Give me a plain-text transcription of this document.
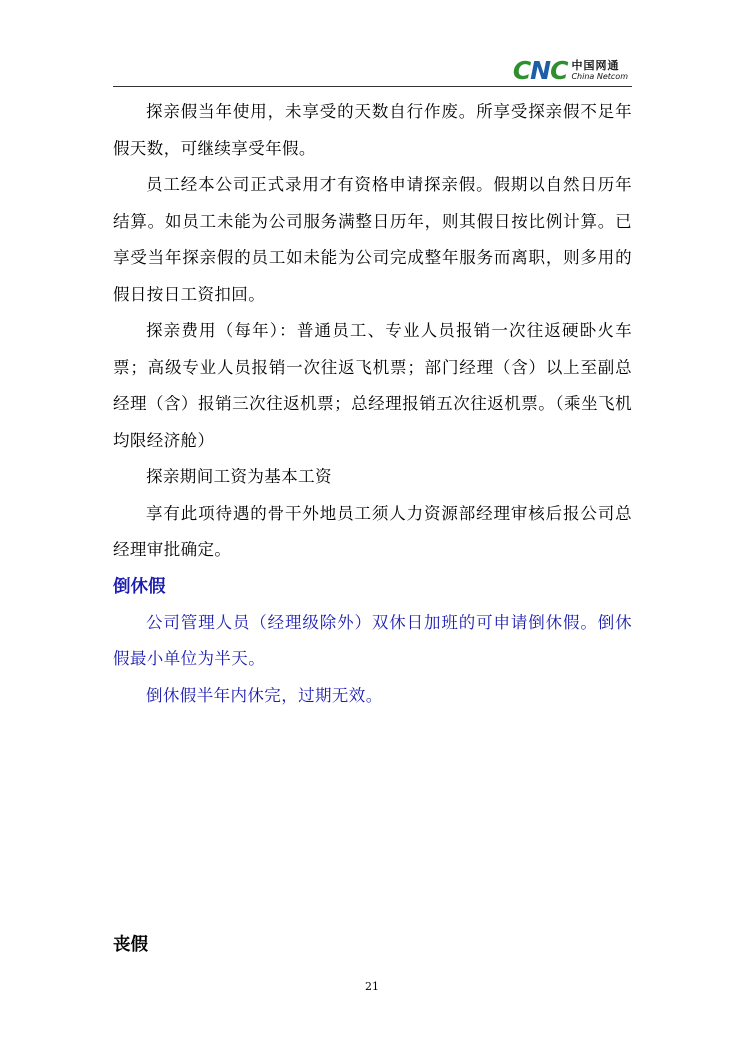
CNC 中国网通
China Netcom

探亲假当年使用，未享受的天数自行作废。所享受探亲假不足年假天数，可继续享受年假。

员工经本公司正式录用才有资格申请探亲假。假期以自然日历年结算。如员工未能为公司服务满整日历年，则其假日按比例计算。已享受当年探亲假的员工如未能为公司完成整年服务而离职，则多用的假日按日工资扣回。

探亲费用（每年）：普通员工、专业人员报销一次往返硬卧火车票；高级专业人员报销一次往返飞机票；部门经理（含）以上至副总经理（含）报销三次往返机票；总经理报销五次往返机票。（乘坐飞机均限经济舱）

探亲期间工资为基本工资

享有此项待遇的骨干外地员工须人力资源部经理审核后报公司总经理审批确定。

倒休假

公司管理人员（经理级除外）双休日加班的可申请倒休假。倒休假最小单位为半天。

倒休假半年内休完，过期无效。

丧假
21
